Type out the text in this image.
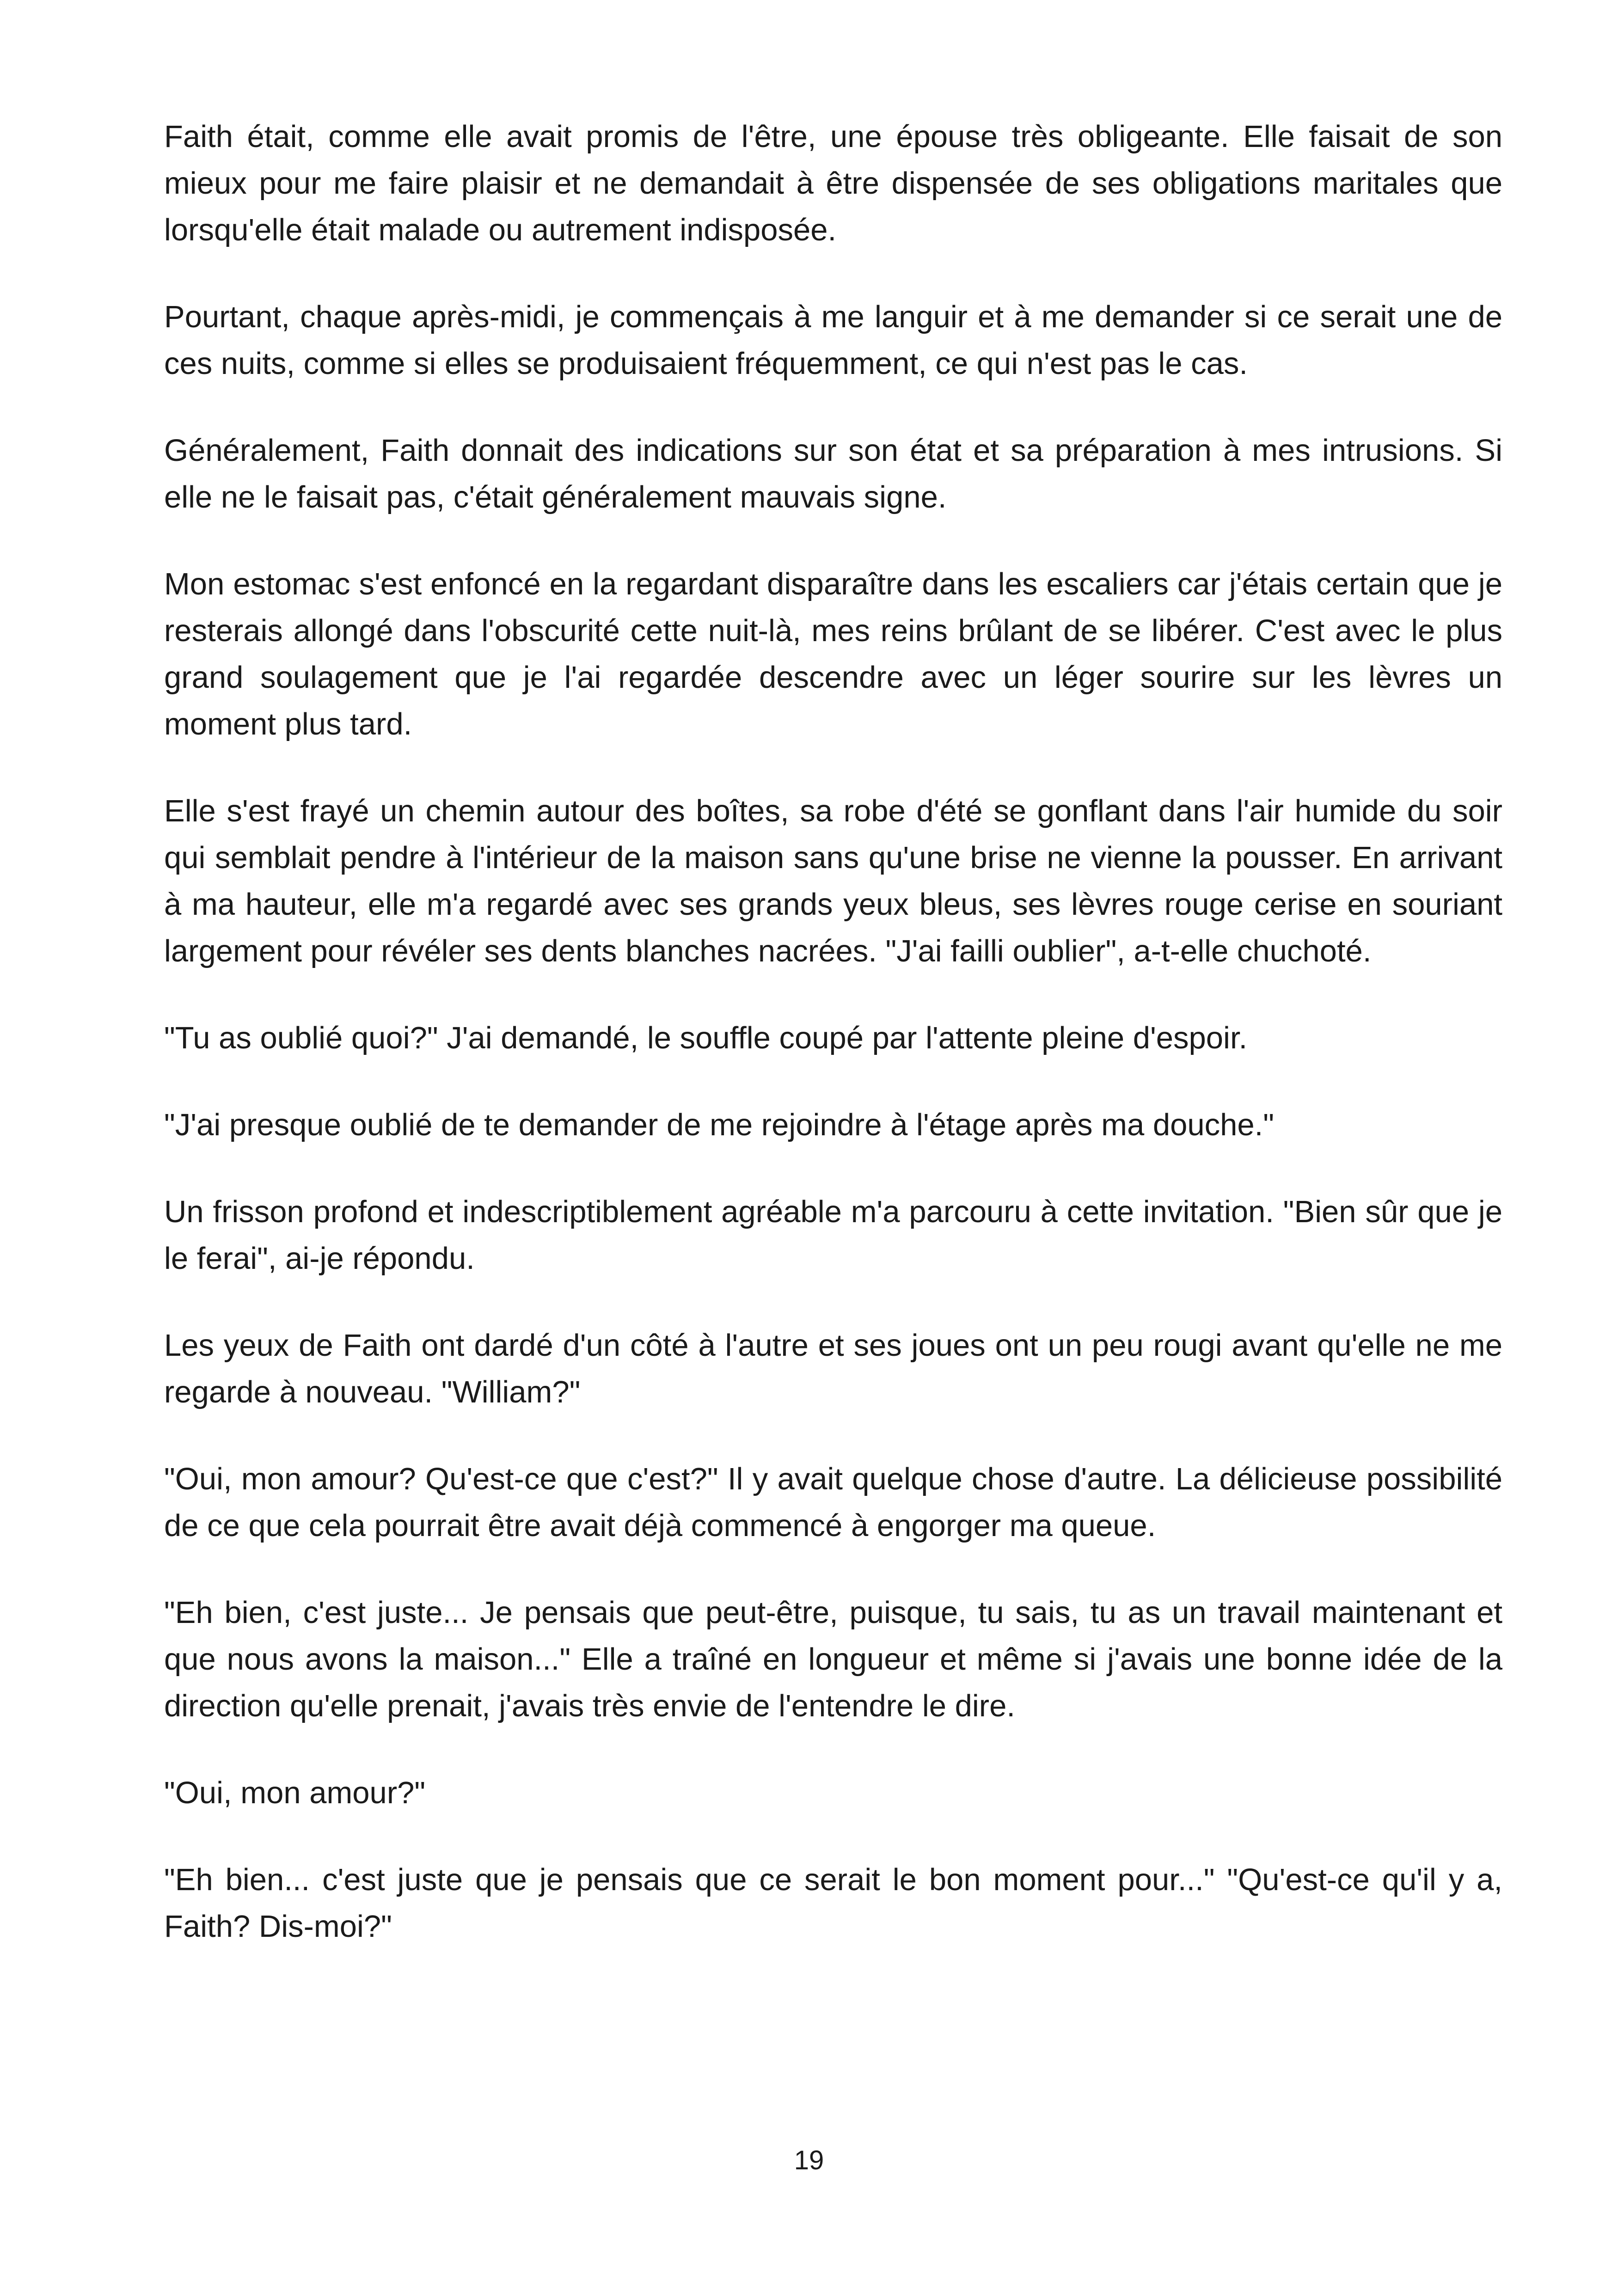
Faith était, comme elle avait promis de l'être, une épouse très obligeante. Elle faisait de son mieux pour me faire plaisir et ne demandait à être dispensée de ses obligations maritales que lorsqu'elle était malade ou autrement indisposée.

Pourtant, chaque après-midi, je commençais à me languir et à me demander si ce serait une de ces nuits, comme si elles se produisaient fréquemment, ce qui n'est pas le cas.

Généralement, Faith donnait des indications sur son état et sa préparation à mes intrusions. Si elle ne le faisait pas, c'était généralement mauvais signe.

Mon estomac s'est enfoncé en la regardant disparaître dans les escaliers car j'étais certain que je resterais allongé dans l'obscurité cette nuit-là, mes reins brûlant de se libérer. C'est avec le plus grand soulagement que je l'ai regardée descendre avec un léger sourire sur les lèvres un moment plus tard.

Elle s'est frayé un chemin autour des boîtes, sa robe d'été se gonflant dans l'air humide du soir qui semblait pendre à l'intérieur de la maison sans qu'une brise ne vienne la pousser. En arrivant à ma hauteur, elle m'a regardé avec ses grands yeux bleus, ses lèvres rouge cerise en souriant largement pour révéler ses dents blanches nacrées. "J'ai failli oublier", a-t-elle chuchoté.

"Tu as oublié quoi?" J'ai demandé, le souffle coupé par l'attente pleine d'espoir.

"J'ai presque oublié de te demander de me rejoindre à l'étage après ma douche."

Un frisson profond et indescriptiblement agréable m'a parcouru à cette invitation. "Bien sûr que je le ferai", ai-je répondu.

Les yeux de Faith ont dardé d'un côté à l'autre et ses joues ont un peu rougi avant qu'elle ne me regarde à nouveau. "William?"

"Oui, mon amour? Qu'est-ce que c'est?" Il y avait quelque chose d'autre. La délicieuse possibilité de ce que cela pourrait être avait déjà commencé à engorger ma queue.

"Eh bien, c'est juste... Je pensais que peut-être, puisque, tu sais, tu as un travail maintenant et que nous avons la maison..." Elle a traîné en longueur et même si j'avais une bonne idée de la direction qu'elle prenait, j'avais très envie de l'entendre le dire.

"Oui, mon amour?"

"Eh bien... c'est juste que je pensais que ce serait le bon moment pour..." "Qu'est-ce qu'il y a, Faith? Dis-moi?"

19
